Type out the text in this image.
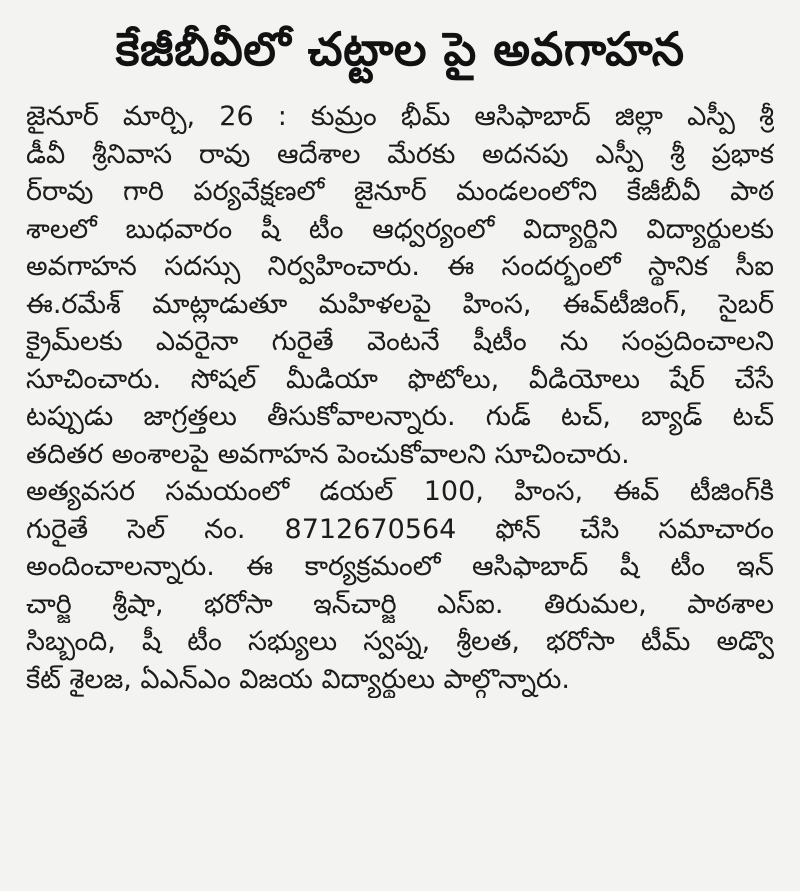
కేజీబీవీలో చట్టాల పై అవగాహన
జైనూర్ మార్చి, 26 : కుమ్రం భీమ్ ఆసిఫాబాద్ జిల్లా ఎస్పీ శ్రీ
డీవీ శ్రీనివాస రావు ఆదేశాల మేరకు అదనపు ఎస్పీ శ్రీ ప్రభాక
ర్‌రావు గారి పర్యవేక్షణలో జైనూర్ మండలంలోని కేజీబీవీ పాఠ
శాలలో బుధవారం షీ టీం ఆధ్వర్యంలో విద్యార్థిని విద్యార్థులకు
అవగాహన సదస్సు నిర్వహించారు. ఈ సందర్భంలో స్థానిక సీఐ
ఈ.రమేశ్ మాట్లాడుతూ మహిళలపై హింస, ఈవ్‌టీజింగ్, సైబర్
క్రైమ్‌లకు ఎవరైనా గురైతే వెంటనే షీటీం ను సంప్రదించాలని
సూచించారు. సోషల్ మీడియా ఫొటోలు, వీడియోలు షేర్ చేసే
టప్పుడు జాగ్రత్తలు తీసుకోవాలన్నారు. గుడ్ టచ్, బ్యాడ్ టచ్
తదితర అంశాలపై అవగాహన పెంచుకోవాలని సూచించారు.
అత్యవసర సమయంలో డయల్ 100, హింస, ఈవ్ టీజింగ్‌కి
గురైతే సెల్ నం. 8712670564 ఫోన్ చేసి సమాచారం
అందించాలన్నారు. ఈ కార్యక్రమంలో ఆసిఫాబాద్ షీ టీం ఇన్
చార్జి శ్రీషా, భరోసా ఇన్‌చార్జి ఎస్ఐ. తిరుమల, పాఠశాల
సిబ్బంది, షీ టీం సభ్యులు స్వప్న, శ్రీలత, భరోసా టీమ్ అడ్వొ
కేట్ శైలజ, ఏఎన్ఎం విజయ విద్యార్థులు పాల్గొన్నారు.
